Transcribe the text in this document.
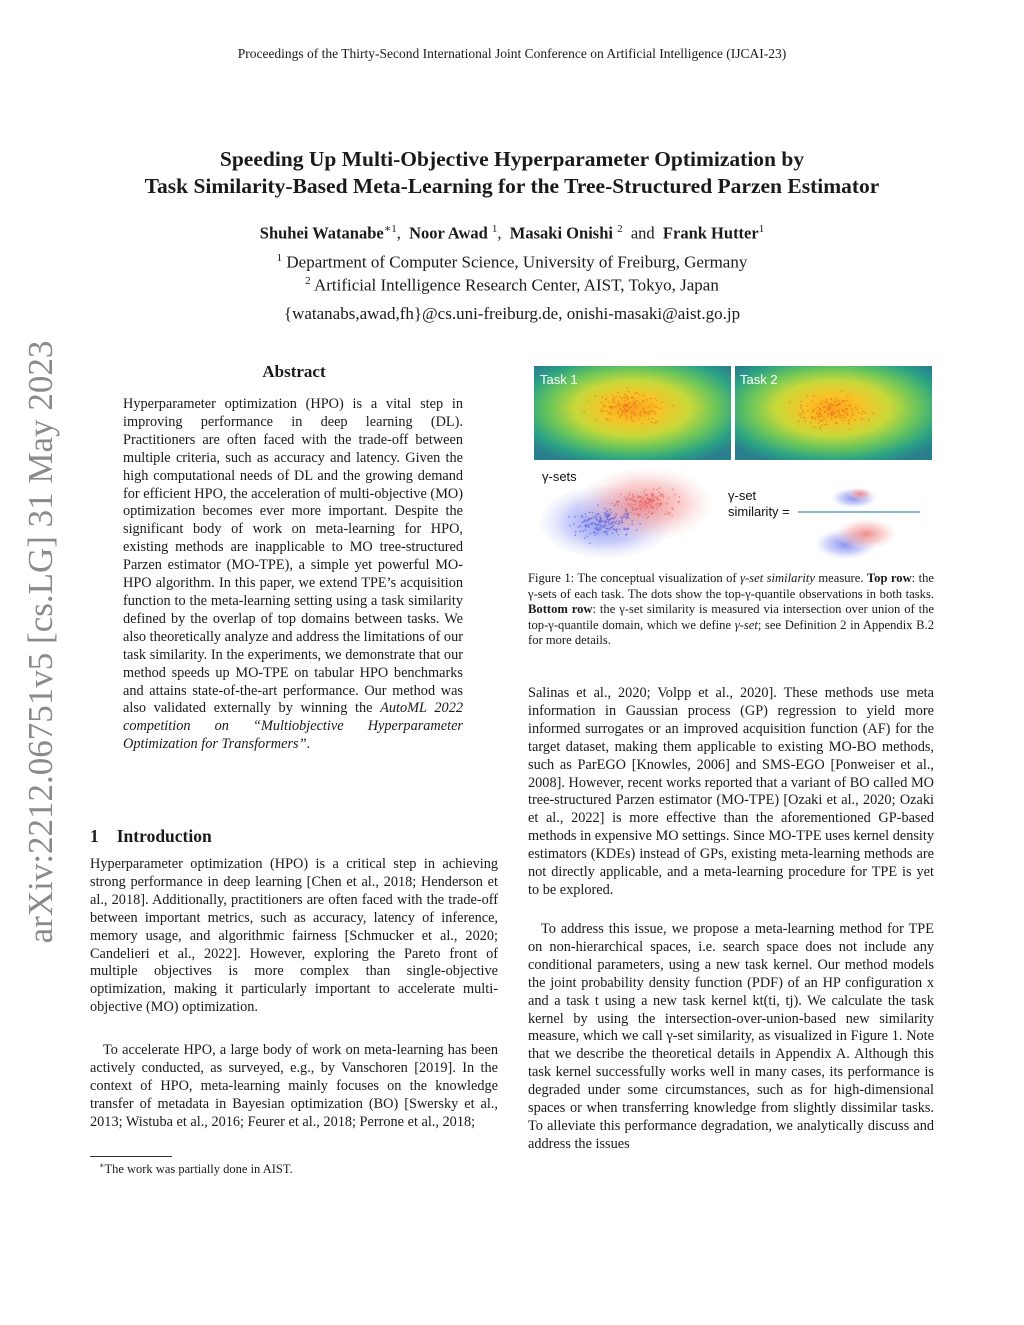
Proceedings of the Thirty-Second International Joint Conference on Artificial Intelligence (IJCAI-23)
arXiv:2212.06751v5 [cs.LG] 31 May 2023
Speeding Up Multi-Objective Hyperparameter Optimization by
Task Similarity-Based Meta-Learning for the Tree-Structured Parzen Estimator
Shuhei Watanabe$^{∗1}$,  Noor Awad $^1$,  Masaki Onishi $^2$ and Frank Hutter$^1$
$^1$ Department of Computer Science, University of Freiburg, Germany
$^2$ Artificial Intelligence Research Center, AIST, Tokyo, Japan
{watanabs,awad,fh}@cs.uni-freiburg.de, onishi-masaki@aist.go.jp
Abstract
Hyperparameter optimization (HPO) is a vital step in improving performance in deep learning (DL). Practitioners are often faced with the trade-off between multiple criteria, such as accuracy and latency. Given the high computational needs of DL and the growing demand for efficient HPO, the acceleration of multi-objective (MO) optimization becomes ever more important. Despite the significant body of work on meta-learning for HPO, existing methods are inapplicable to MO tree-structured Parzen estimator (MO-TPE), a simple yet powerful MO-HPO algorithm. In this paper, we extend TPE’s acquisition function to the meta-learning setting using a task similarity defined by the overlap of top domains between tasks. We also theoretically analyze and address the limitations of our task similarity. In the experiments, we demonstrate that our method speeds up MO-TPE on tabular HPO benchmarks and attains state-of-the-art performance. Our method was also validated externally by winning the AutoML 2022 competition on “Multiobjective Hyperparameter Optimization for Transformers”.
1 Introduction
Hyperparameter optimization (HPO) is a critical step in achieving strong performance in deep learning [Chen et al., 2018; Henderson et al., 2018]. Additionally, practitioners are often faced with the trade-off between important metrics, such as accuracy, latency of inference, memory usage, and algorithmic fairness [Schmucker et al., 2020; Candelieri et al., 2022]. However, exploring the Pareto front of multiple objectives is more complex than single-objective optimization, making it particularly important to accelerate multi-objective (MO) optimization.
To accelerate HPO, a large body of work on meta-learning has been actively conducted, as surveyed, e.g., by Vanschoren [2019]. In the context of HPO, meta-learning mainly focuses on the knowledge transfer of metadata in Bayesian optimization (BO) [Swersky et al., 2013; Wistuba et al., 2016; Feurer et al., 2018; Perrone et al., 2018;
∗The work was partially done in AIST.
Task 1	Task 2
γ-sets
γ-set
similarity =
Figure 1: The conceptual visualization of γ-set similarity measure. Top row: the γ-sets of each task. The dots show the top-γ-quantile observations in both tasks. Bottom row: the γ-set similarity is measured via intersection over union of the top-γ-quantile domain, which we define γ-set; see Definition 2 in Appendix B.2 for more details.
Salinas et al., 2020; Volpp et al., 2020]. These methods use meta information in Gaussian process (GP) regression to yield more informed surrogates or an improved acquisition function (AF) for the target dataset, making them applicable to existing MO-BO methods, such as ParEGO [Knowles, 2006] and SMS-EGO [Ponweiser et al., 2008]. However, recent works reported that a variant of BO called MO tree-structured Parzen estimator (MO-TPE) [Ozaki et al., 2020; Ozaki et al., 2022] is more effective than the aforementioned GP-based methods in expensive MO settings. Since MO-TPE uses kernel density estimators (KDEs) instead of GPs, existing meta-learning methods are not directly applicable, and a meta-learning procedure for TPE is yet to be explored.
To address this issue, we propose a meta-learning method for TPE on non-hierarchical spaces, i.e. search space does not include any conditional parameters, using a new task kernel. Our method models the joint probability density function (PDF) of an HP configuration x and a task t using a new task kernel kt(ti, tj). We calculate the task kernel by using the intersection-over-union-based new similarity measure, which we call γ-set similarity, as visualized in Figure 1. Note that we describe the theoretical details in Appendix A. Although this task kernel successfully works well in many cases, its performance is degraded under some circumstances, such as for high-dimensional spaces or when transferring knowledge from slightly dissimilar tasks. To alleviate this performance degradation, we analytically discuss and address the issues
